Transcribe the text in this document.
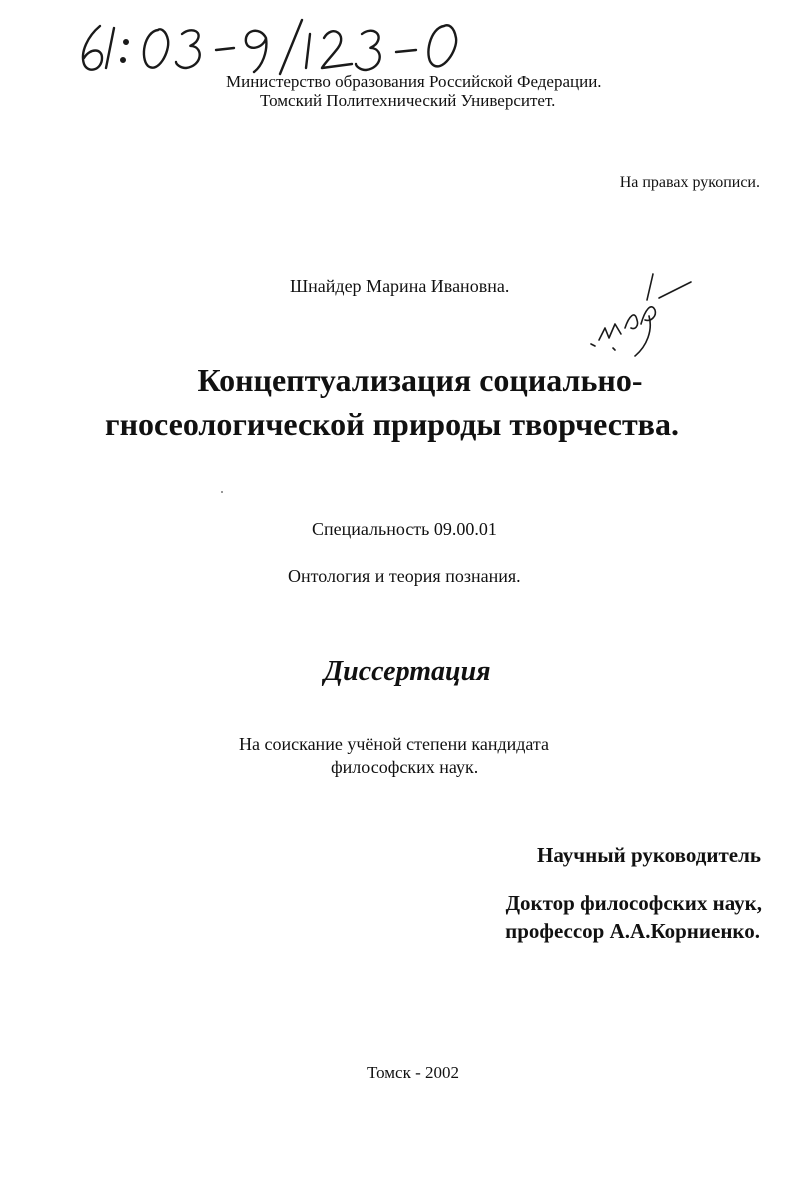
Министерство образования Российской Федерации.
Томский Политехнический Университет.

На правах рукописи.

Шнайдер Марина Ивановна.

Концептуализация социально-
гносеологической природы творчества.

Специальность 09.00.01

Онтология и теория познания.

Диссертация

На соискание учёной степени кандидата
философских наук.

Научный руководитель

Доктор философских наук,
профессор А.А.Корниенко.

Томск - 2002
